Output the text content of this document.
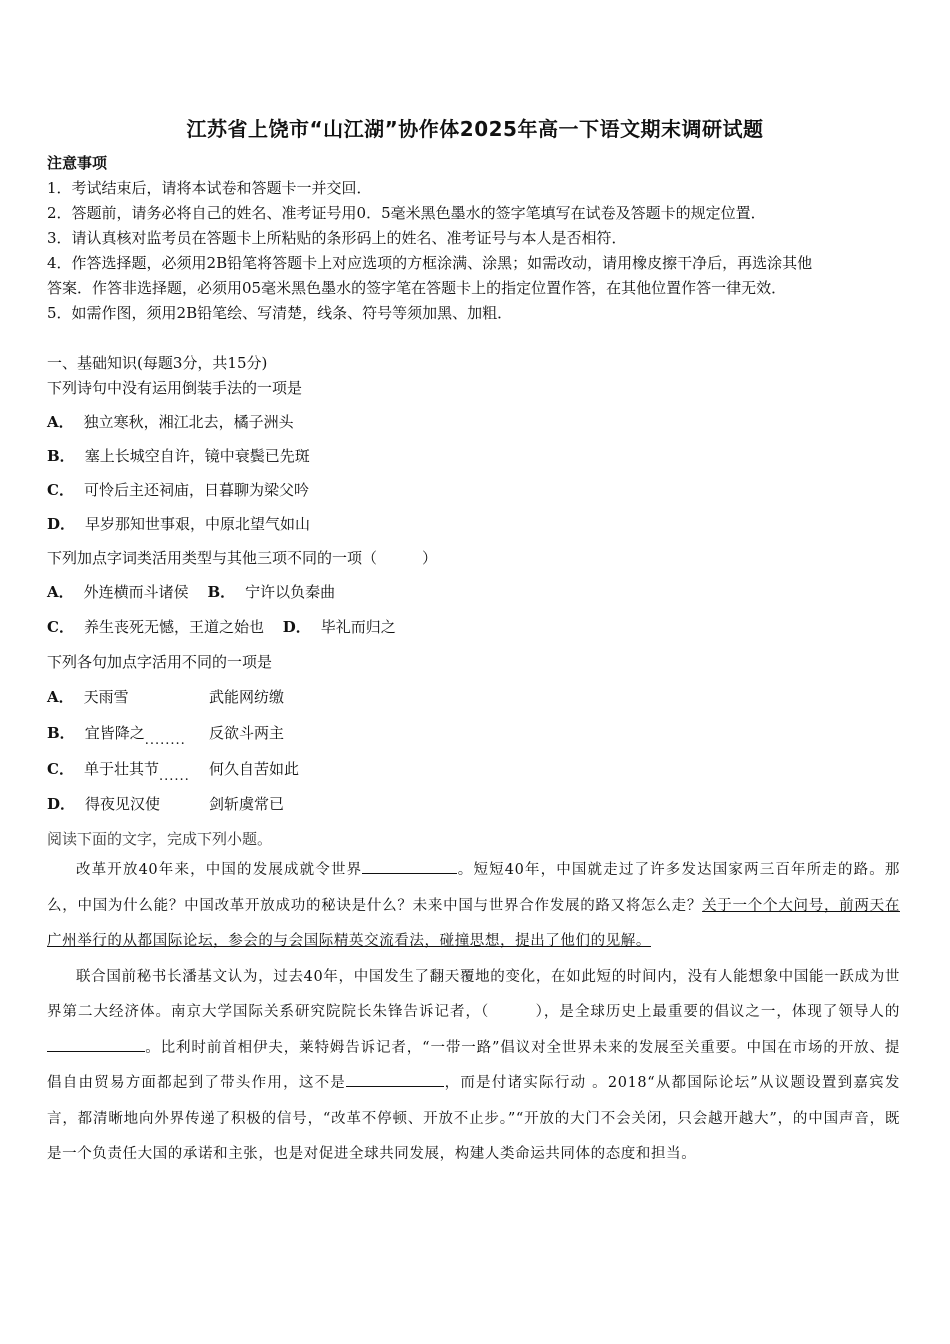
江苏省上饶市“山江湖”协作体2025年高一下语文期末调研试题
注意事项
1．考试结束后，请将本试卷和答题卡一并交回．
2．答题前，请务必将自己的姓名、准考证号用0．5毫米黑色墨水的签字笔填写在试卷及答题卡的规定位置．
3．请认真核对监考员在答题卡上所粘贴的条形码上的姓名、准考证号与本人是否相符．
4．作答选择题，必须用2B铅笔将答题卡上对应选项的方框涂满、涂黑；如需改动，请用橡皮擦干净后，再选涂其他
答案．作答非选择题，必须用05毫米黑色墨水的签字笔在答题卡上的指定位置作答，在其他位置作答一律无效．
5．如需作图，须用2B铅笔绘、写清楚，线条、符号等须加黑、加粗．
一、基础知识(每题3分，共15分)
下列诗句中没有运用倒装手法的一项是
A． 独立寒秋，湘江北去，橘子洲头
B． 塞上长城空自许，镜中衰鬓已先斑
C． 可怜后主还祠庙，日暮聊为梁父吟
D． 早岁那知世事艰，中原北望气如山
下列加点字词类活用类型与其他三项不同的一项（　　　）
A． 外连横而斗诸侯 B． 宁许以负秦曲
C． 养生丧死无憾，王道之始也 D． 毕礼而归之
下列各句加点字活用不同的一项是
A． 天雨雪	武能网纺缴
B． 宜皆降之........ 反欲斗两主
C． 单于壮其节...... 何久自苦如此
D． 得夜见汉使	剑斩虞常已
阅读下面的文字，完成下列小题。

改革开放40年来，中国的发展成就令世界	。短短40年，中国就走过了许多发达国家两三百年所走的路。那么，中国为什么能？中国改革开放成功的秘诀是什么？未来中国与世界合作发展的路又将怎么走？关于一个个大问号，前两天在广州举行的从都国际论坛，参会的与会国际精英交流看法，碰撞思想，提出了他们的见解。

联合国前秘书长潘基文认为，过去40年，中国发生了翻天覆地的变化，在如此短的时间内，没有人能想象中国能一跃成为世界第二大经济体。南京大学国际关系研究院院长朱锋告诉记者，（　　　），是全球历史上最重要的倡议之一，体现了领导人的。比利时前首相伊夫，莱特姆告诉记者，“一带一路”倡议对全世界未来的发展至关重要。中国在市场的开放、提倡自由贸易方面都起到了带头作用，这不是	，而是付诸实际行动 。2018“从都国际论坛”从议题设置到嘉宾发言，都清晰地向外界传递了积极的信号，“改革不停顿、开放不止步。”“开放的大门不会关闭，只会越开越大”，的中国声音，既是一个负责任大国的承诺和主张，也是对促进全球共同发展，构建人类命运共同体的态度和担当。
